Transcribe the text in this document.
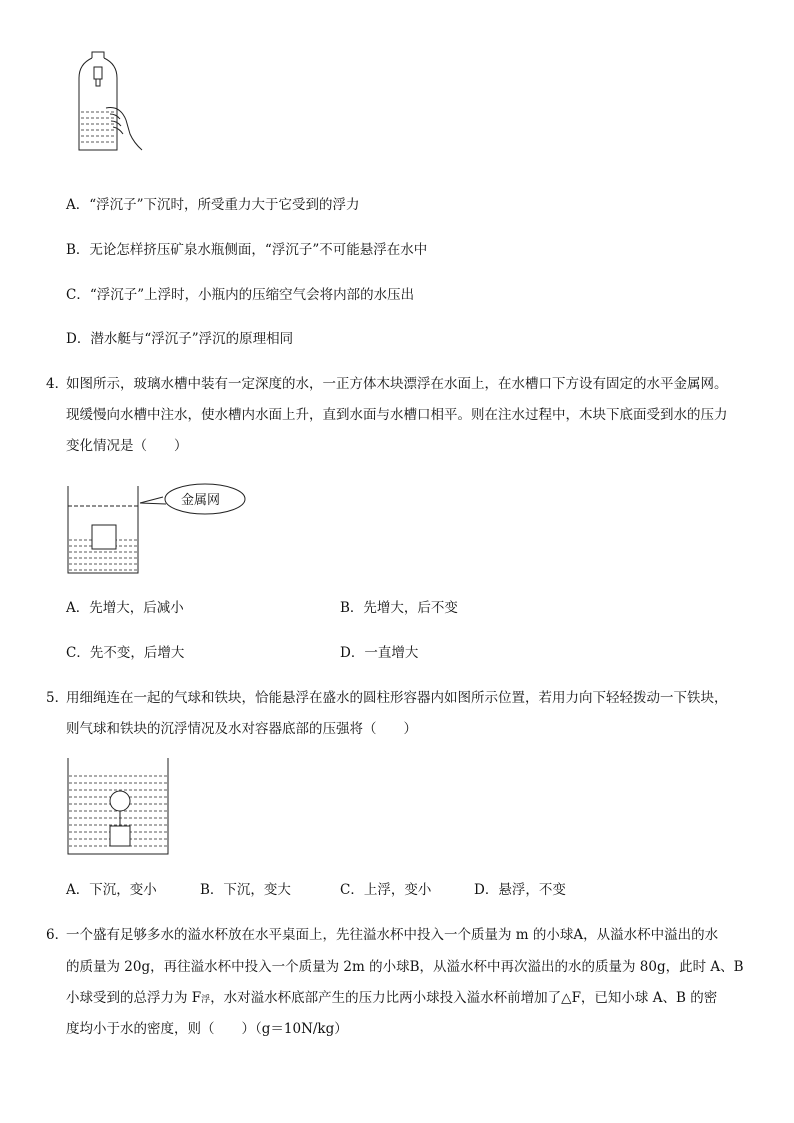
A．“浮沉子”下沉时，所受重力大于它受到的浮力
B．无论怎样挤压矿泉水瓶侧面，“浮沉子”不可能悬浮在水中
C．“浮沉子”上浮时，小瓶内的压缩空气会将内部的水压出
D．潜水艇与“浮沉子”浮沉的原理相同
4．
如图所示，玻璃水槽中装有一定深度的水，一正方体木块漂浮在水面上，在水槽口下方设有固定的水平金属网。
现缓慢向水槽中注水，使水槽内水面上升，直到水面与水槽口相平。则在注水过程中，木块下底面受到水的压力
变化情况是（　　）
金属网
A．先增大，后减小	B．先增大，后不变
C．先不变，后增大	D．一直增大
5．
用细绳连在一起的气球和铁块，恰能悬浮在盛水的圆柱形容器内如图所示位置，若用力向下轻轻拨动一下铁块，
则气球和铁块的沉浮情况及水对容器底部的压强将（　　）
A．下沉，变小	B．下沉，变大	C．上浮，变小	D．悬浮，不变
6．
一个盛有足够多水的溢水杯放在水平桌面上，先往溢水杯中投入一个质量为 m 的小球A，从溢水杯中溢出的水
的质量为 20g，再往溢水杯中投入一个质量为 2m 的小球B，从溢水杯中再次溢出的水的质量为 80g，此时 A、B
小球受到的总浮力为 F浮，水对溢水杯底部产生的压力比两小球投入溢水杯前增加了△F，已知小球 A、B 的密
度均小于水的密度，则（　　）（g＝10N/kg）
